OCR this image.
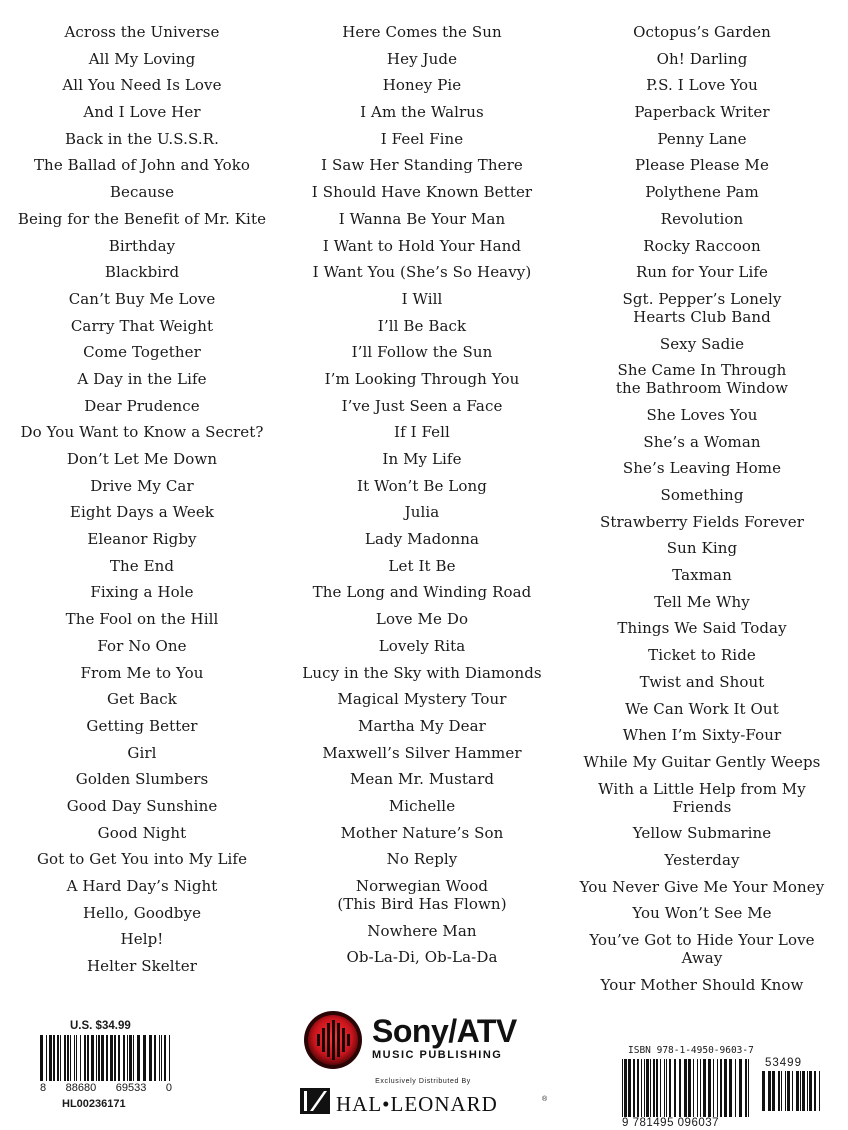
Across the Universe
All My Loving
All You Need Is Love
And I Love Her
Back in the U.S.S.R.
The Ballad of John and Yoko
Because
Being for the Benefit of Mr. Kite
Birthday
Blackbird
Can’t Buy Me Love
Carry That Weight
Come Together
A Day in the Life
Dear Prudence
Do You Want to Know a Secret?
Don’t Let Me Down
Drive My Car
Eight Days a Week
Eleanor Rigby
The End
Fixing a Hole
The Fool on the Hill
For No One
From Me to You
Get Back
Getting Better
Girl
Golden Slumbers
Good Day Sunshine
Good Night
Got to Get You into My Life
A Hard Day’s Night
Hello, Goodbye
Help!
Helter Skelter
Here Comes the Sun
Hey Jude
Honey Pie
I Am the Walrus
I Feel Fine
I Saw Her Standing There
I Should Have Known Better
I Wanna Be Your Man
I Want to Hold Your Hand
I Want You (She’s So Heavy)
I Will
I’ll Be Back
I’ll Follow the Sun
I’m Looking Through You
I’ve Just Seen a Face
If I Fell
In My Life
It Won’t Be Long
Julia
Lady Madonna
Let It Be
The Long and Winding Road
Love Me Do
Lovely Rita
Lucy in the Sky with Diamonds
Magical Mystery Tour
Martha My Dear
Maxwell’s Silver Hammer
Mean Mr. Mustard
Michelle
Mother Nature’s Son
No Reply
Norwegian Wood
(This Bird Has Flown)
Nowhere Man
Ob-La-Di, Ob-La-Da
Octopus’s Garden
Oh! Darling
P.S. I Love You
Paperback Writer
Penny Lane
Please Please Me
Polythene Pam
Revolution
Rocky Raccoon
Run for Your Life
Sgt. Pepper’s Lonely
Hearts Club Band
Sexy Sadie
She Came In Through
the Bathroom Window
She Loves You
She’s a Woman
She’s Leaving Home
Something
Strawberry Fields Forever
Sun King
Taxman
Tell Me Why
Things We Said Today
Ticket to Ride
Twist and Shout
We Can Work It Out
When I’m Sixty-Four
While My Guitar Gently Weeps
With a Little Help from My Friends
Yellow Submarine
Yesterday
You Never Give Me Your Money
You Won’t See Me
You’ve Got to Hide Your Love Away
Your Mother Should Know
U.S. $34.99
8 88680 69533 0
HL00236171
Sony/ATV
MUSIC PUBLISHING
Exclusively Distributed By
HAL•LEONARD	®
ISBN 978-1-4950-9603-7
9 781495 096037
53499
